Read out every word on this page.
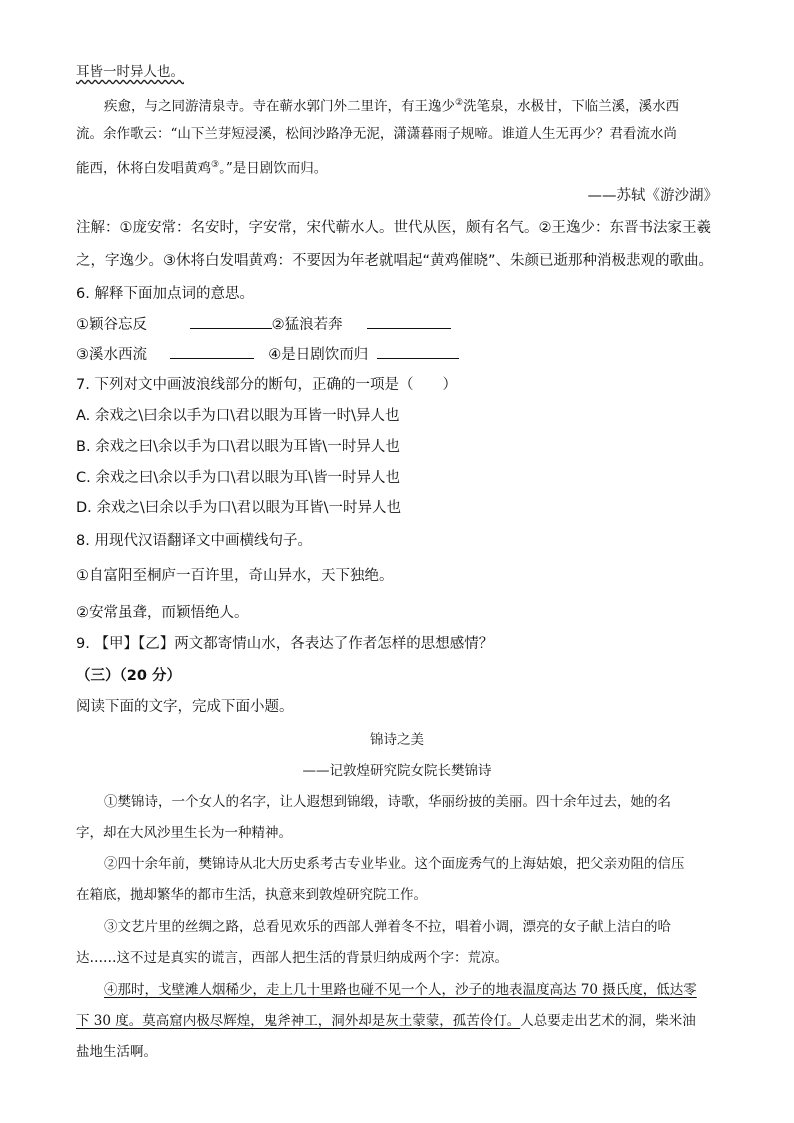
耳皆一时异人也。
疾愈，与之同游清泉寺。寺在蕲水郭门外二里许，有王逸少②洗笔泉，水极甘，下临兰溪，溪水西
流。余作歌云：“山下兰芽短浸溪，松间沙路净无泥，潇潇暮雨子规啼。谁道人生无再少？君看流水尚
能西，休将白发唱黄鸡③。”是日剧饮而归。
——苏轼《游沙湖》
注解：①庞安常：名安时，字安常，宋代蕲水人。世代从医，颇有名气。②王逸少：东晋书法家王羲
之，字逸少。③休将白发唱黄鸡：不要因为年老就唱起“黄鸡催晓”、朱颜已逝那种消极悲观的歌曲。
6. 解释下面加点词的意思。
①颖谷忘反	②猛浪若奔
③溪水西流	④是日剧饮而归
7. 下列对文中画波浪线部分的断句，正确的一项是（　　）
A. 余戏之\曰余以手为口\君以眼为耳皆一时\异人也
B. 余戏之曰\余以手为口\君以眼为耳皆\一时异人也
C. 余戏之曰\余以手为口\君以眼为耳\皆一时异人也
D. 余戏之\曰余以手为口\君以眼为耳皆\一时异人也
8. 用现代汉语翻译文中画横线句子。
①自富阳至桐庐一百许里，奇山异水，天下独绝。
②安常虽聋，而颖悟绝人。
9. 【甲】【乙】两文都寄情山水，各表达了作者怎样的思想感情？
（三）（20 分）
阅读下面的文字，完成下面小题。
锦诗之美
——记敦煌研究院女院长樊锦诗
①樊锦诗，一个女人的名字，让人遐想到锦缎，诗歌，华丽纷披的美丽。四十余年过去，她的名
字，却在大风沙里生长为一种精神。
②四十余年前，樊锦诗从北大历史系考古专业毕业。这个面庞秀气的上海姑娘，把父亲劝阻的信压
在箱底，拋却繁华的都市生活，执意来到敦煌研究院工作。
③文艺片里的丝绸之路，总看见欢乐的西部人弹着冬不拉，唱着小调，漂亮的女子献上洁白的哈
达……这不过是真实的谎言，西部人把生活的背景归纳成两个字：荒凉。
④那时，戈壁滩人烟稀少，走上几十里路也碰不见一个人，沙子的地表温度高达 70 摄氏度，低达零
下 30 度。莫高窟内极尽辉煌，鬼斧神工，洞外却是灰土蒙蒙，孤苦伶仃。人总要走出艺术的洞，柴米油
盐地生活啊。
